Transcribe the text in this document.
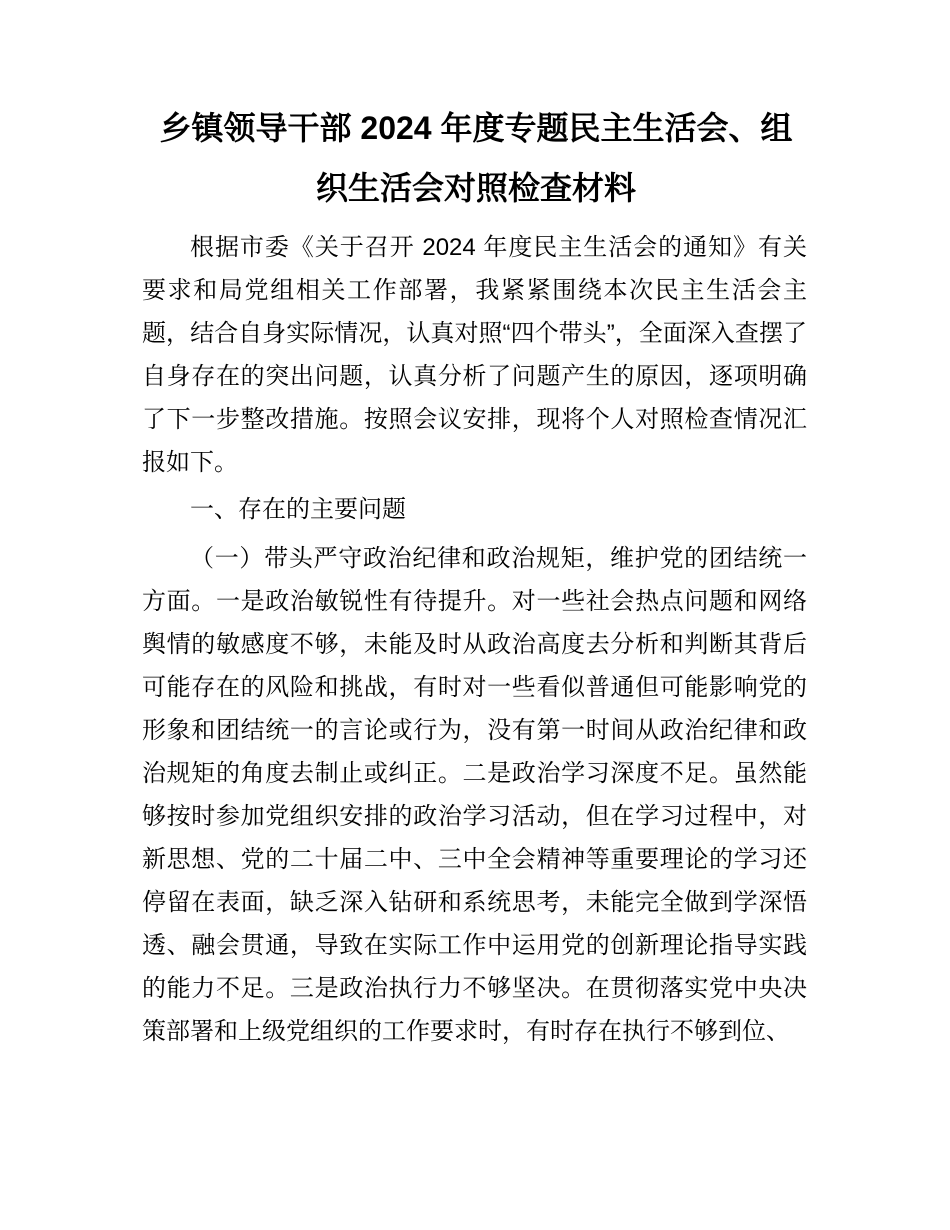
乡镇领导干部 2024 年度专题民主生活会、组织生活会对照检查材料

根据市委《关于召开 2024 年度民主生活会的通知》有关要求和局党组相关工作部署，我紧紧围绕本次民主生活会主题，结合自身实际情况，认真对照“四个带头”，全面深入查摆了自身存在的突出问题，认真分析了问题产生的原因，逐项明确了下一步整改措施。按照会议安排，现将个人对照检查情况汇报如下。

一、存在的主要问题

（一）带头严守政治纪律和政治规矩，维护党的团结统一方面。一是政治敏锐性有待提升。对一些社会热点问题和网络舆情的敏感度不够，未能及时从政治高度去分析和判断其背后可能存在的风险和挑战，有时对一些看似普通但可能影响党的形象和团结统一的言论或行为，没有第一时间从政治纪律和政治规矩的角度去制止或纠正。二是政治学习深度不足。虽然能够按时参加党组织安排的政治学习活动，但在学习过程中，对新思想、党的二十届二中、三中全会精神等重要理论的学习还停留在表面，缺乏深入钻研和系统思考，未能完全做到学深悟透、融会贯通，导致在实际工作中运用党的创新理论指导实践的能力不足。三是政治执行力不够坚决。在贯彻落实党中央决策部署和上级党组织的工作要求时，有时存在执行不够到位、
